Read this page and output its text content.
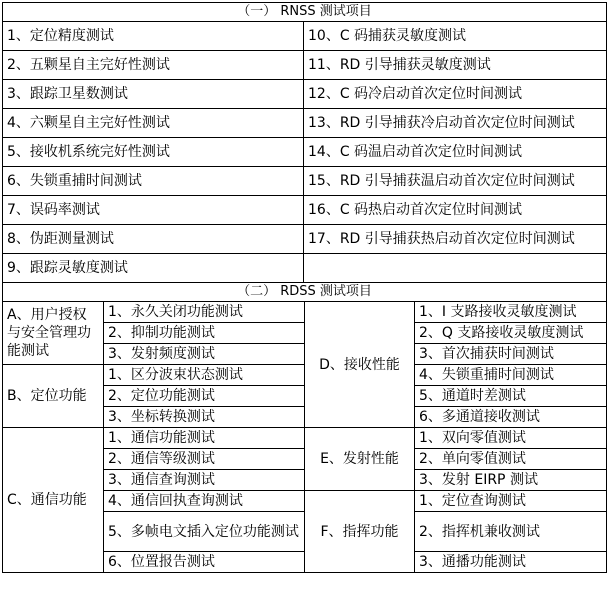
（一） RNSS 测试项目	
1、定位精度测试	10、C 码捕获灵敏度测试
2、五颗星自主完好性测试	11、RD 引导捕获灵敏度测试
3、跟踪卫星数测试	12、C 码冷启动首次定位时间测试
4、六颗星自主完好性测试	13、RD 引导捕获冷启动首次定位时间测试
5、接收机系统完好性测试	14、C 码温启动首次定位时间测试
6、失锁重捕时间测试	15、RD 引导捕获温启动首次定位时间测试
7、误码率测试	16、C 码热启动首次定位时间测试
8、伪距测量测试	17、RD 引导捕获热启动首次定位时间测试
9、跟踪灵敏度测试	
（二） RDSS 测试项目			
A、用户授权与安全管理功能测试	1、永久关闭功能测试	D、接收性能	1、I 支路接收灵敏度测试
	2、抑制功能测试		2、Q 支路接收灵敏度测试
	3、发射频度测试		3、首次捕获时间测试
B、定位功能	1、区分波束状态测试		4、失锁重捕时间测试
	2、定位功能测试		5、通道时差测试
	3、坐标转换测试		6、多通道接收测试
C、通信功能	1、通信功能测试	E、发射性能	1、双向零值测试
	2、通信等级测试		2、单向零值测试
	3、通信查询测试		3、发射 EIRP 测试
	4、通信回执查询测试	F、指挥功能	1、定位查询测试
	5、多帧电文插入定位功能测试		2、指挥机兼收测试
	6、位置报告测试		3、通播功能测试
